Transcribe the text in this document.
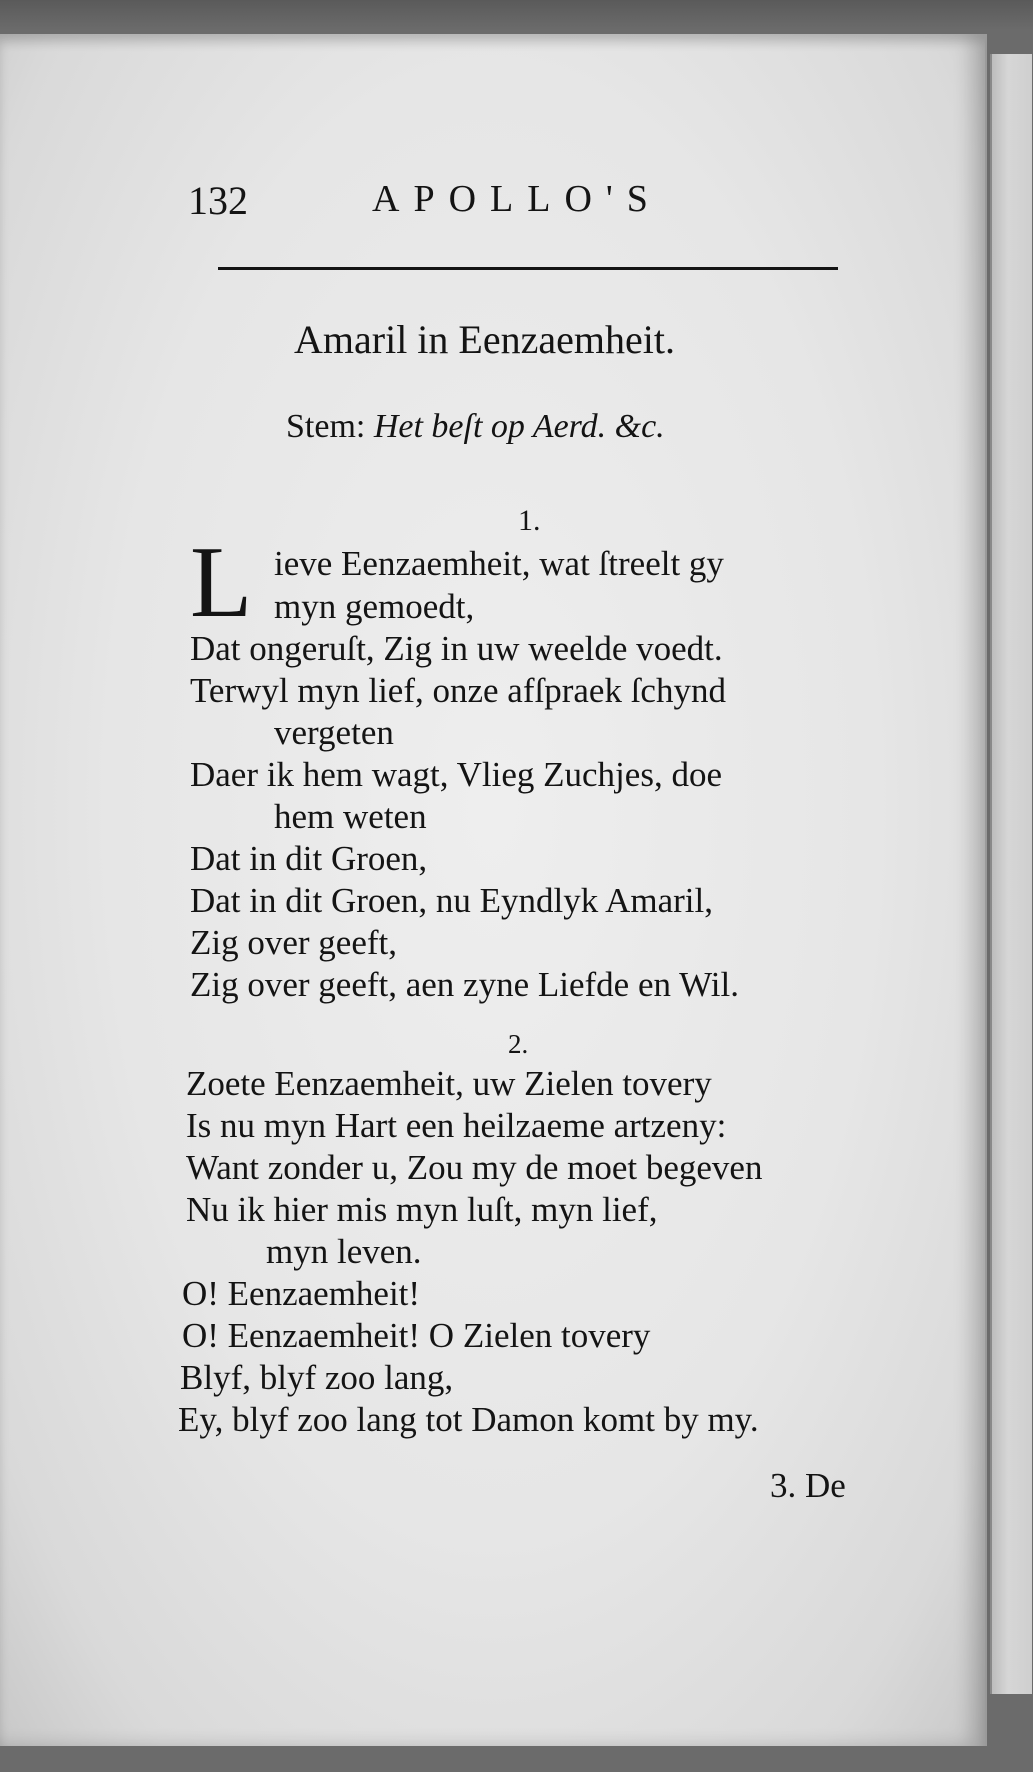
132	APOLLO'S
Amaril in Eenzaemheit.
Stem: Het beſt op Aerd. &c.
1.
L ieve Eenzaemheit, wat ſtreelt gy
myn gemoedt,
Dat ongeruſt, Zig in uw weelde voedt.
Terwyl myn lief, onze afſpraek ſchynd
vergeten
Daer ik hem wagt, Vlieg Zuchjes, doe
hem weten
Dat in dit Groen,
Dat in dit Groen, nu Eyndlyk Amaril,
Zig over geeft,
Zig over geeft, aen zyne Liefde en Wil.
2.
Zoete Eenzaemheit, uw Zielen tovery
Is nu myn Hart een heilzaeme artzeny:
Want zonder u, Zou my de moet begeven
Nu ik hier mis myn luſt, myn lief,
myn leven.
O! Eenzaemheit!
O! Eenzaemheit! O Zielen tovery
Blyf, blyf zoo lang,
Ey, blyf zoo lang tot Damon komt by my.
3. De
